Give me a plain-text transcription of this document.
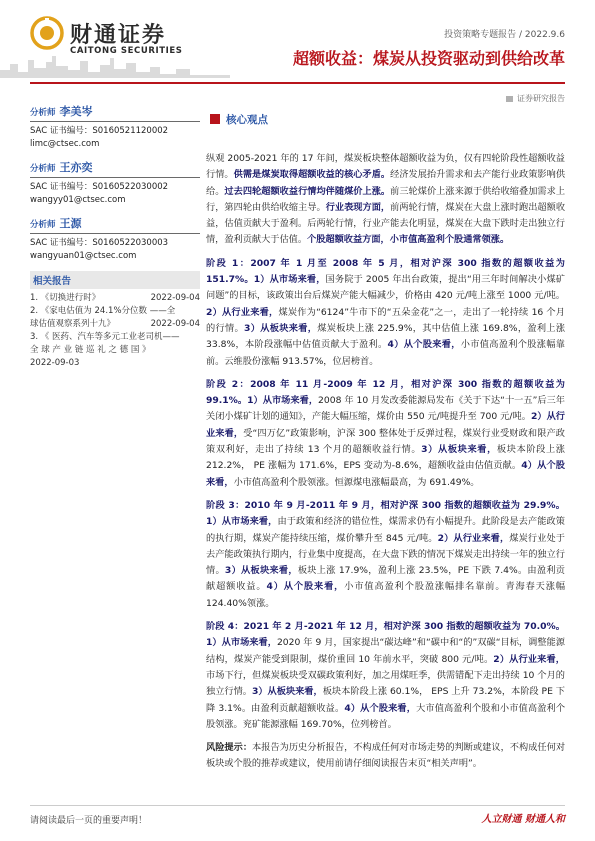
财通证券
CAITONG SECURITIES
投资策略专题报告 / 2022.9.6
超额收益：煤炭从投资驱动到供给改革
证券研究报告
分析师 李美岑
SAC 证书编号：S0160521120002
limc@ctsec.com
分析师 王亦奕
SAC 证书编号：S0160522030002
wangyy01@ctsec.com
分析师 王源
SAC 证书编号：S0160522030003
wangyuan01@ctsec.com
相关报告
1. 《切换进行时》	2022-09-04
2. 《家电估值为 24.1%分位数 ——全
球估值观察系列十九》	2022-09-04
3. 《 医药、汽车等多元工业老司机——
全 球 产 业 链 巡 礼 之 德 国 》
2022-09-03
核心观点

纵观 2005-2021 年的 17 年间，煤炭板块整体超额收益为负，仅有四轮阶段性超额收益行情。供需是煤炭取得超额收益的核心矛盾。经济发展抬升需求和去产能行业政策影响供给。过去四轮超额收益行情均伴随煤价上涨。前三轮煤价上涨来源于供给收缩叠加需求上行，第四轮由供给收缩主导。行业表现方面，前两轮行情，煤炭在大盘上涨时跑出超额收益，估值贡献大于盈利。后两轮行情，行业产能去化明显，煤炭在大盘下跌时走出独立行情，盈利贡献大于估值。个股超额收益方面，小市值高盈利个股通常领涨。

阶段 1：2007 年 1 月至 2008 年 5 月，相对沪深 300 指数的超额收益为 151.7%。1）从市场来看，国务院于 2005 年出台政策，提出“用三年时间解决小煤矿问题”的目标，该政策出台后煤炭产能大幅减少，价格由 420 元/吨上涨至 1000 元/吨。2）从行业来看，煤炭作为“6124”牛市下的“五朵金花”之一，走出了一轮持续 16 个月的行情。3）从板块来看，煤炭板块上涨 225.9%，其中估值上涨 169.8%，盈利上涨 33.8%，本阶段涨幅中估值贡献大于盈利。4）从个股来看，小市值高盈利个股涨幅靠前。云维股份涨幅 913.57%，位居榜首。

阶段 2：2008 年 11 月-2009 年 12 月，相对沪深 300 指数的超额收益为 99.1%。1）从市场来看，2008 年 10 月发改委能源局发布《关于下达“十一五”后三年关闭小煤矿计划的通知》，产能大幅压缩，煤价由 550 元/吨提升至 700 元/吨。2）从行业来看，受“四万亿”政策影响，沪深 300 整体处于反弹过程，煤炭行业受财政和限产政策双利好，走出了持续 13 个月的超额收益行情。3）从板块来看，板块本阶段上涨 212.2%， PE 涨幅为 171.6%，EPS 变动为-8.6%，超额收益由估值贡献。4）从个股来看，小市值高盈利个股领涨。恒源煤电涨幅最高，为 691.49%。

阶段 3：2010 年 9 月-2011 年 9 月，相对沪深 300 指数的超额收益为 29.9%。1）从市场来看，由于政策和经济的错位性，煤需求仍有小幅提升。此阶段是去产能政策的执行期，煤炭产能持续压缩，煤价攀升至 845 元/吨。2）从行业来看，煤炭行业处于去产能政策执行期内，行业集中度提高，在大盘下跌的情况下煤炭走出持续一年的独立行情。3）从板块来看，板块上涨 17.9%，盈利上涨 23.5%，PE 下跌 7.4%。由盈利贡献超额收益。4）从个股来看，小市值高盈利个股盈涨幅排名靠前。青海春天涨幅 124.40%领涨。

阶段 4：2021 年 2 月-2021 年 12 月，相对沪深 300 指数的超额收益为 70.0%。1）从市场来看，2020 年 9 月，国家提出“碳达峰”和“碳中和“的”双碳“目标，调整能源结构，煤炭产能受到限制，煤价重回 10 年前水平，突破 800 元/吨。2）从行业来看，市场下行，但煤炭板块受双碳政策利好，加之用煤旺季，供需错配下走出持续 10 个月的独立行情。3）从板块来看，板块本阶段上涨 60.1%， EPS 上升 73.2%，本阶段 PE 下降 3.1%。由盈利贡献超额收益。4）从个股来看，大市值高盈利个股和小市值高盈利个股领涨。兖矿能源涨幅 169.70%，位列榜首。

风险提示：本报告为历史分析报告，不构成任何对市场走势的判断或建议，不构成任何对板块或个股的推荐或建议，使用前请仔细阅读报告末页“相关声明”。

请阅读最后一页的重要声明！	人立财通 财通人和
